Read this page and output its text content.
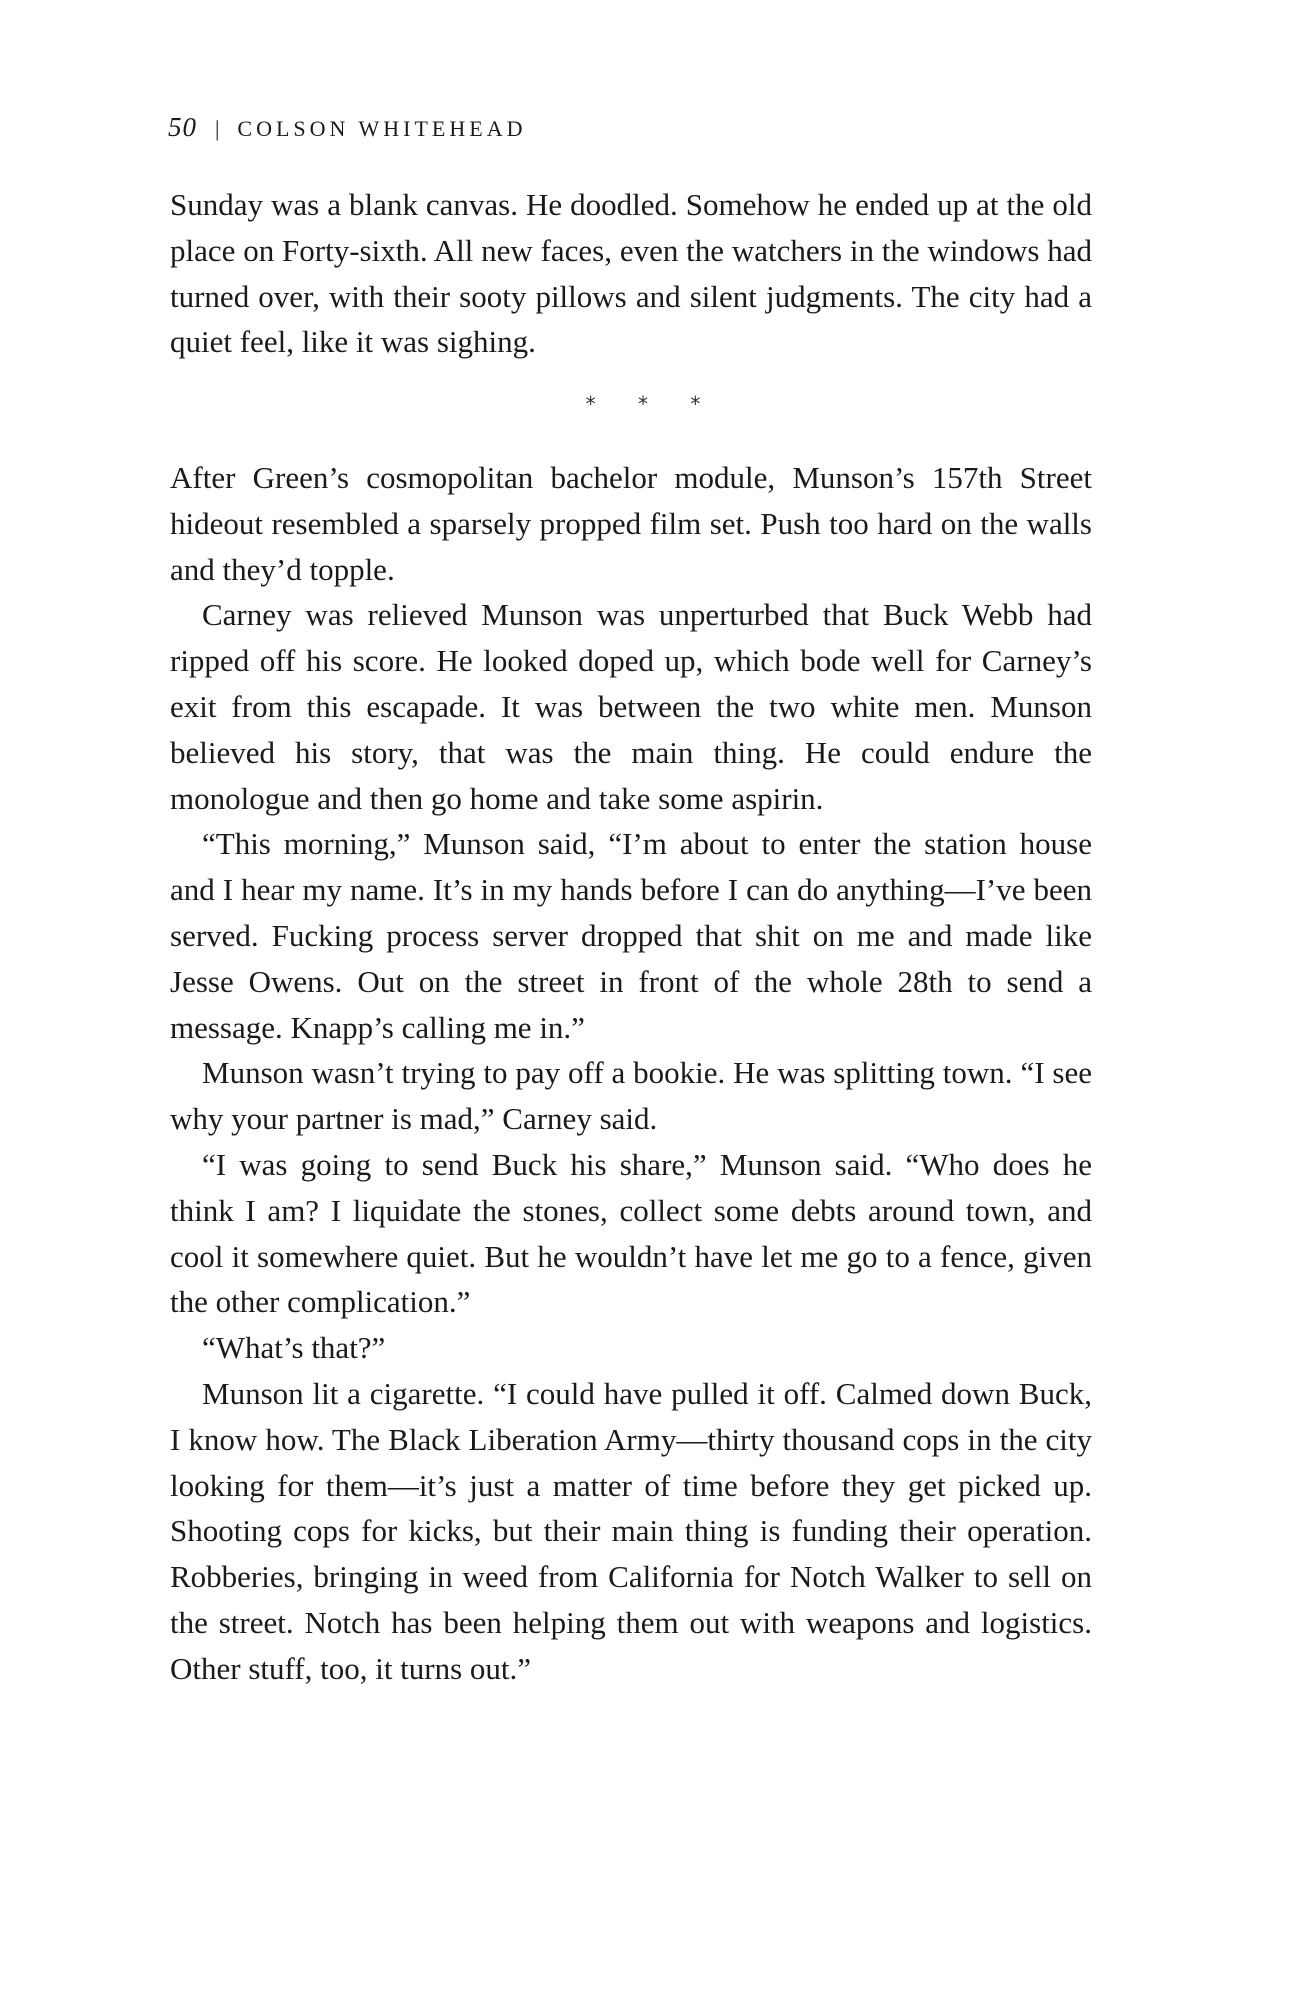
50 | COLSON WHITEHEAD

Sunday was a blank canvas. He doodled. Somehow he ended up at the old place on Forty-sixth. All new faces, even the watchers in the windows had turned over, with their sooty pillows and silent judgments. The city had a quiet feel, like it was sighing.

* * *

After Green’s cosmopolitan bachelor module, Munson’s 157th Street hideout resembled a sparsely propped film set. Push too hard on the walls and they’d topple.

Carney was relieved Munson was unperturbed that Buck Webb had ripped off his score. He looked doped up, which bode well for Carney’s exit from this escapade. It was between the two white men. Munson believed his story, that was the main thing. He could endure the monologue and then go home and take some aspirin.

“This morning,” Munson said, “I’m about to enter the station house and I hear my name. It’s in my hands before I can do anything—I’ve been served. Fucking process server dropped that shit on me and made like Jesse Owens. Out on the street in front of the whole 28th to send a message. Knapp’s calling me in.”

Munson wasn’t trying to pay off a bookie. He was splitting town. “I see why your partner is mad,” Carney said.

“I was going to send Buck his share,” Munson said. “Who does he think I am? I liquidate the stones, collect some debts around town, and cool it somewhere quiet. But he wouldn’t have let me go to a fence, given the other complication.”

“What’s that?”

Munson lit a cigarette. “I could have pulled it off. Calmed down Buck, I know how. The Black Liberation Army—thirty thousand cops in the city looking for them—it’s just a matter of time before they get picked up. Shooting cops for kicks, but their main thing is funding their operation. Robberies, bringing in weed from California for Notch Walker to sell on the street. Notch has been helping them out with weapons and logistics. Other stuff, too, it turns out.”
